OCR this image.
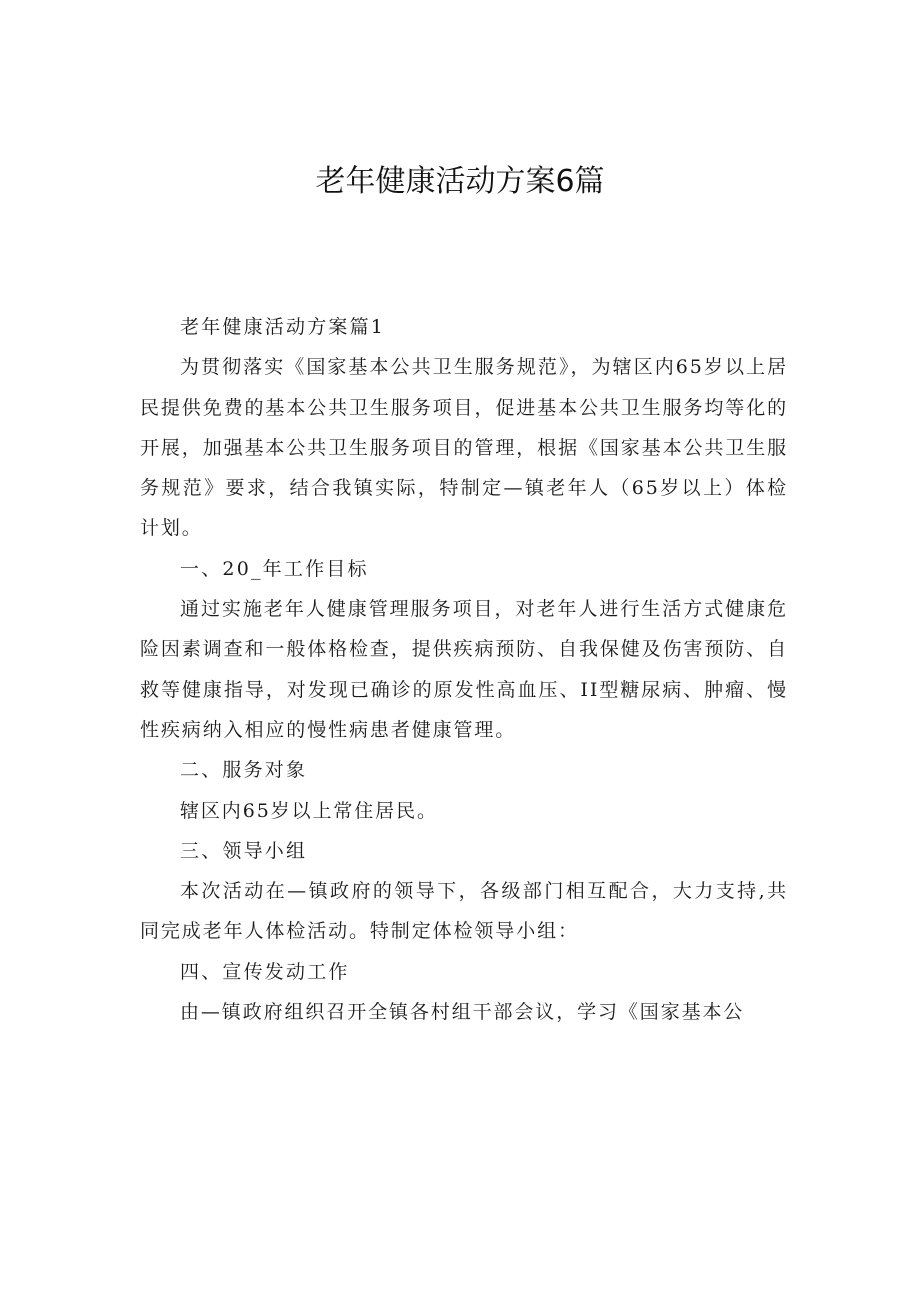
老年健康活动方案6篇

老年健康活动方案篇1

为贯彻落实《国家基本公共卫生服务规范》，为辖区内65岁以上居民提供免费的基本公共卫生服务项目，促进基本公共卫生服务均等化的开展，加强基本公共卫生服务项目的管理，根据《国家基本公共卫生服务规范》要求，结合我镇实际，特制定—镇老年人（65岁以上）体检计划。

一、20_年工作目标

通过实施老年人健康管理服务项目，对老年人进行生活方式健康危险因素调查和一般体格检查，提供疾病预防、自我保健及伤害预防、自救等健康指导，对发现已确诊的原发性高血压、II型糖尿病、肿瘤、慢性疾病纳入相应的慢性病患者健康管理。

二、服务对象

辖区内65岁以上常住居民。

三、领导小组

本次活动在—镇政府的领导下，各级部门相互配合，大力支持,共同完成老年人体检活动。特制定体检领导小组：

四、宣传发动工作

由—镇政府组织召开全镇各村组干部会议，学习《国家基本公
